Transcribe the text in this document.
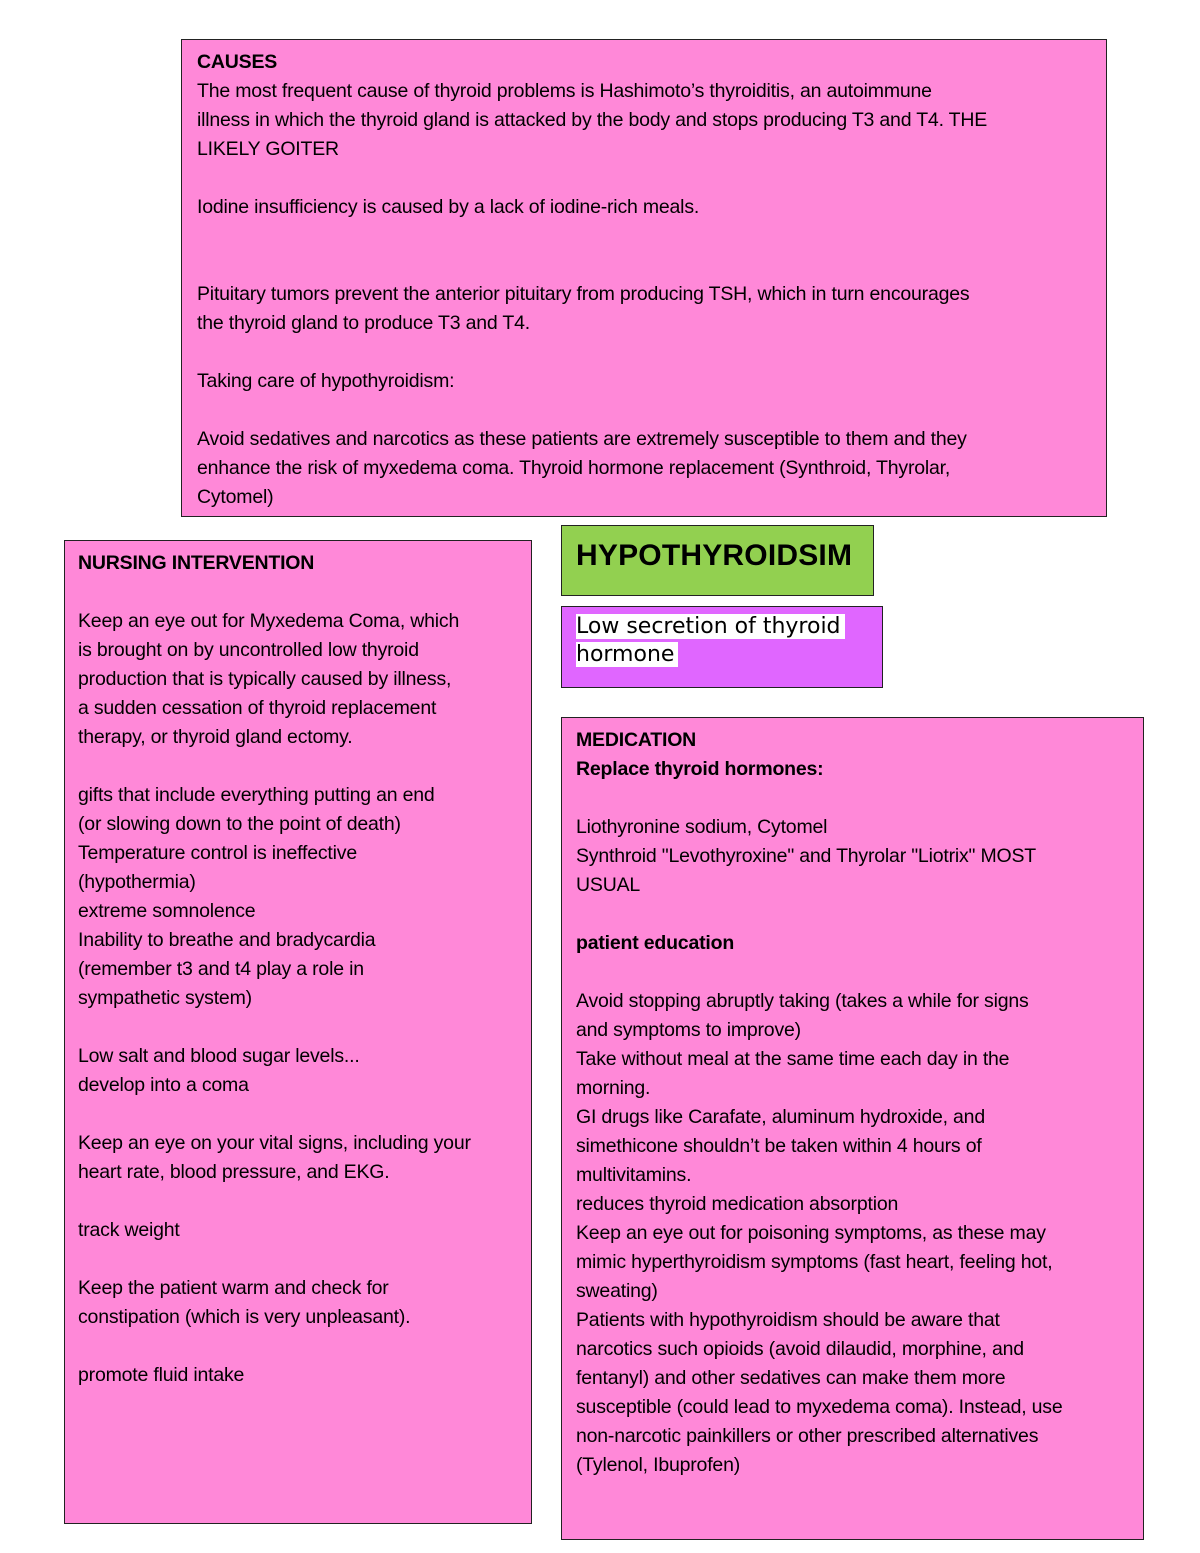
CAUSES

The most frequent cause of thyroid problems is Hashimoto’s thyroiditis, an autoimmune
illness in which the thyroid gland is attacked by the body and stops producing T3 and T4. THE
LIKELY GOITER

Iodine insufficiency is caused by a lack of iodine-rich meals.

Pituitary tumors prevent the anterior pituitary from producing TSH, which in turn encourages
the thyroid gland to produce T3 and T4.

Taking care of hypothyroidism:

Avoid sedatives and narcotics as these patients are extremely susceptible to them and they
enhance the risk of myxedema coma. Thyroid hormone replacement (Synthroid, Thyrolar,
Cytomel)

NURSING INTERVENTION

Keep an eye out for Myxedema Coma, which
is brought on by uncontrolled low thyroid
production that is typically caused by illness,
a sudden cessation of thyroid replacement
therapy, or thyroid gland ectomy.

gifts that include everything putting an end
(or slowing down to the point of death)
Temperature control is ineffective
(hypothermia)
extreme somnolence
Inability to breathe and bradycardia
(remember t3 and t4 play a role in
sympathetic system)

Low salt and blood sugar levels...
develop into a coma

Keep an eye on your vital signs, including your
heart rate, blood pressure, and EKG.

track weight

Keep the patient warm and check for
constipation (which is very unpleasant).

promote fluid intake

HYPOTHYROIDSIM
Low secretion of thyroid
hormone

MEDICATION

Replace thyroid hormones:

Liothyronine sodium, Cytomel
Synthroid "Levothyroxine" and Thyrolar "Liotrix" MOST
USUAL

patient education

Avoid stopping abruptly taking (takes a while for signs
and symptoms to improve)
Take without meal at the same time each day in the
morning.
GI drugs like Carafate, aluminum hydroxide, and
simethicone shouldn’t be taken within 4 hours of
multivitamins.
reduces thyroid medication absorption
Keep an eye out for poisoning symptoms, as these may
mimic hyperthyroidism symptoms (fast heart, feeling hot,
sweating)
Patients with hypothyroidism should be aware that
narcotics such opioids (avoid dilaudid, morphine, and
fentanyl) and other sedatives can make them more
susceptible (could lead to myxedema coma). Instead, use
non-narcotic painkillers or other prescribed alternatives
(Tylenol, Ibuprofen)
